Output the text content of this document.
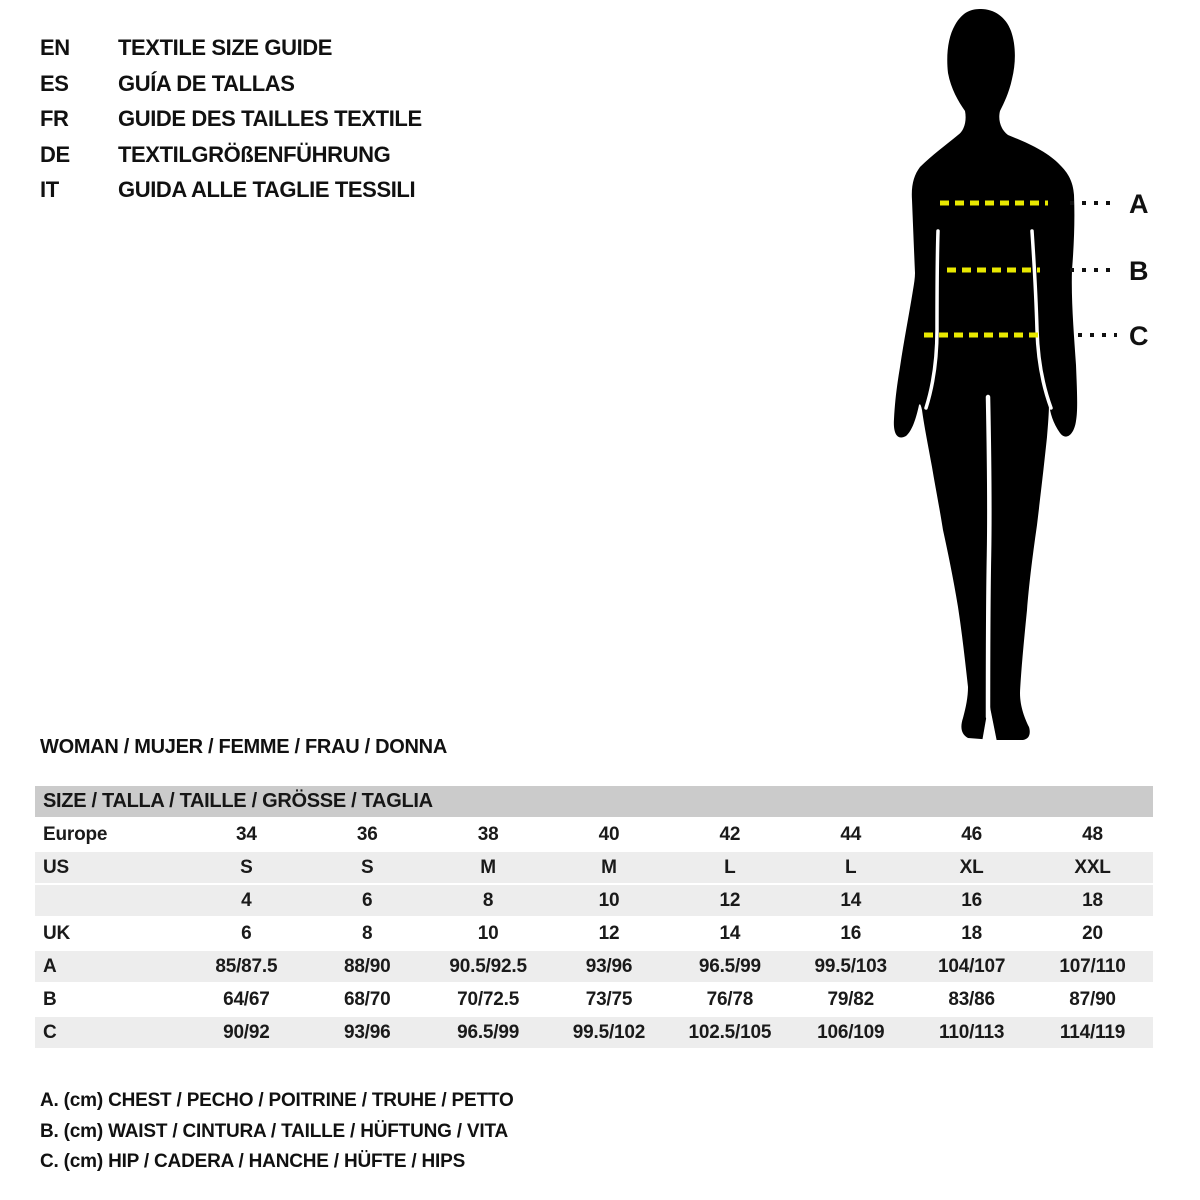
EN	TEXTILE SIZE GUIDE
ES	GUÍA DE TALLAS
FR	GUIDE DES TAILLES TEXTILE
DE	TEXTILGRÖßENFÜHRUNG
IT	GUIDA ALLE TAGLIE TESSILI	A
B
C
WOMAN / MUJER / FEMME / FRAU / DONNA
SIZE / TALLA / TAILLE / GRÖSSE / TAGLIA
Europe	34	36	38	40	42	44	46	48
US	S	S	M	M	L	L	XL	XXL
	4	6	8	10	12	14	16	18
UK	6	8	10	12	14	16	18	20
A	85/87.5	88/90	90.5/92.5	93/96	96.5/99	99.5/103	104/107	107/110
B	64/67	68/70	70/72.5	73/75	76/78	79/82	83/86	87/90
C	90/92	93/96	96.5/99	99.5/102	102.5/105	106/109	110/113	114/119
A. (cm) CHEST / PECHO / POITRINE / TRUHE / PETTO
B. (cm) WAIST / CINTURA / TAILLE / HÜFTUNG / VITA
C. (cm) HIP / CADERA / HANCHE / HÜFTE / HIPS
